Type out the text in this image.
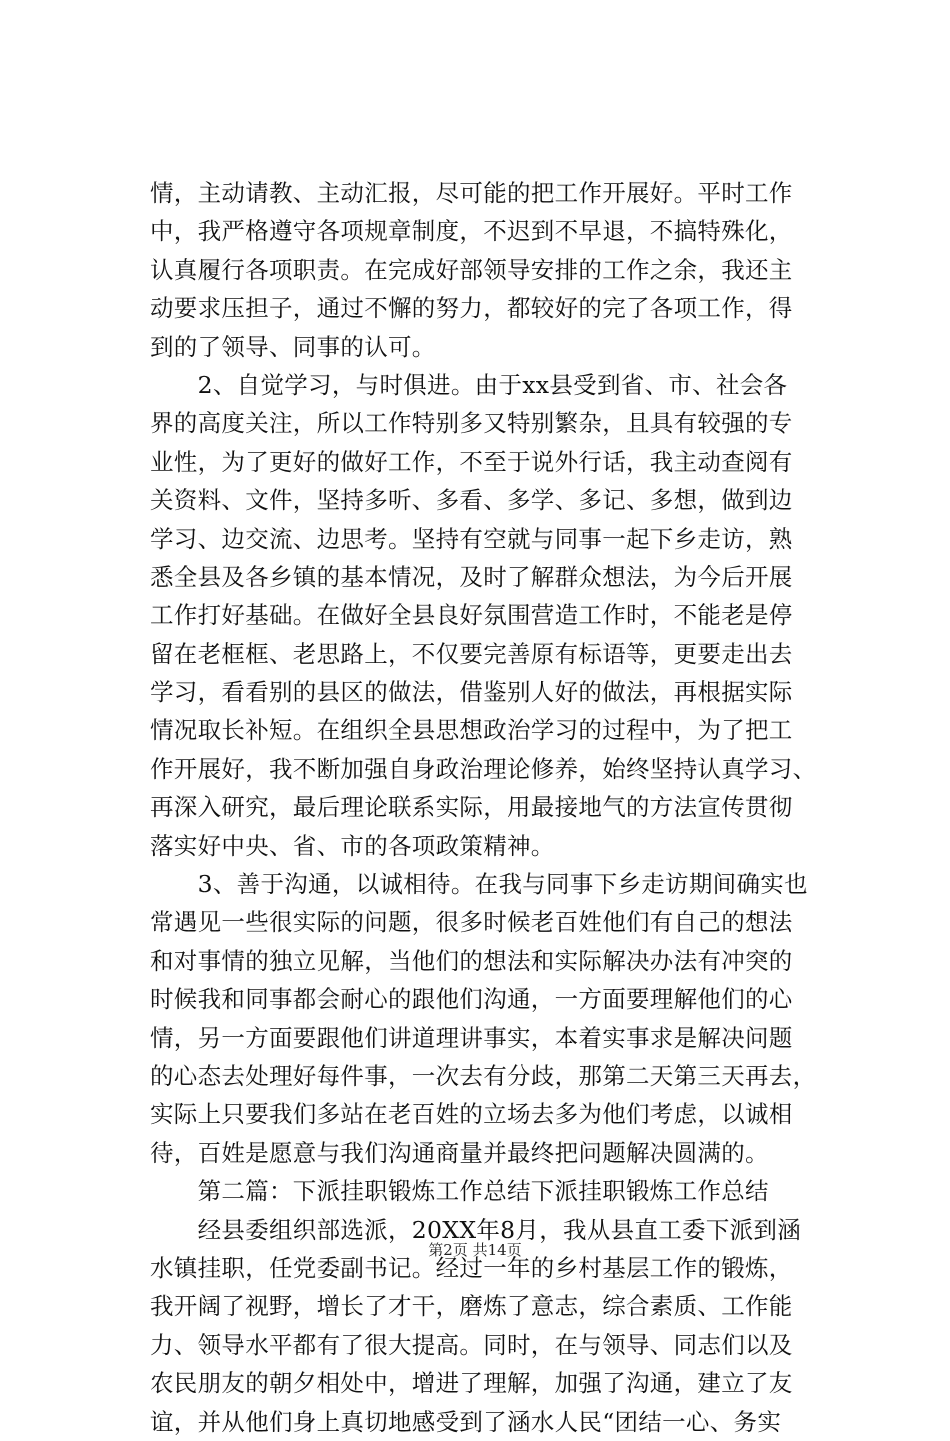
情，主动请教、主动汇报，尽可能的把工作开展好。平时工作
中，我严格遵守各项规章制度，不迟到不早退，不搞特殊化，
认真履行各项职责。在完成好部领导安排的工作之余，我还主
动要求压担子，通过不懈的努力，都较好的完了各项工作，得
到的了领导、同事的认可。
　　2、自觉学习，与时俱进。由于xx县受到省、市、社会各
界的高度关注，所以工作特别多又特别繁杂，且具有较强的专
业性，为了更好的做好工作，不至于说外行话，我主动查阅有
关资料、文件，坚持多听、多看、多学、多记、多想，做到边
学习、边交流、边思考。坚持有空就与同事一起下乡走访，熟
悉全县及各乡镇的基本情况，及时了解群众想法，为今后开展
工作打好基础。在做好全县良好氛围营造工作时，不能老是停
留在老框框、老思路上，不仅要完善原有标语等，更要走出去
学习，看看别的县区的做法，借鉴别人好的做法，再根据实际
情况取长补短。在组织全县思想政治学习的过程中，为了把工
作开展好，我不断加强自身政治理论修养，始终坚持认真学习、
再深入研究，最后理论联系实际，用最接地气的方法宣传贯彻
落实好中央、省、市的各项政策精神。
　　3、善于沟通，以诚相待。在我与同事下乡走访期间确实也
常遇见一些很实际的问题，很多时候老百姓他们有自己的想法
和对事情的独立见解，当他们的想法和实际解决办法有冲突的
时候我和同事都会耐心的跟他们沟通，一方面要理解他们的心
情，另一方面要跟他们讲道理讲事实，本着实事求是解决问题
的心态去处理好每件事，一次去有分歧，那第二天第三天再去，
实际上只要我们多站在老百姓的立场去多为他们考虑，以诚相
待，百姓是愿意与我们沟通商量并最终把问题解决圆满的。
　　第二篇：下派挂职锻炼工作总结下派挂职锻炼工作总结
　　经县委组织部选派，20XX年8月，我从县直工委下派到涵
水镇挂职，任党委副书记。经过一年的乡村基层工作的锻炼，
我开阔了视野，增长了才干，磨炼了意志，综合素质、工作能
力、领导水平都有了很大提高。同时，在与领导、同志们以及
农民朋友的朝夕相处中，增进了理解，加强了沟通，建立了友
谊，并从他们身上真切地感受到了涵水人民“团结一心、务实
第2页 共14页
